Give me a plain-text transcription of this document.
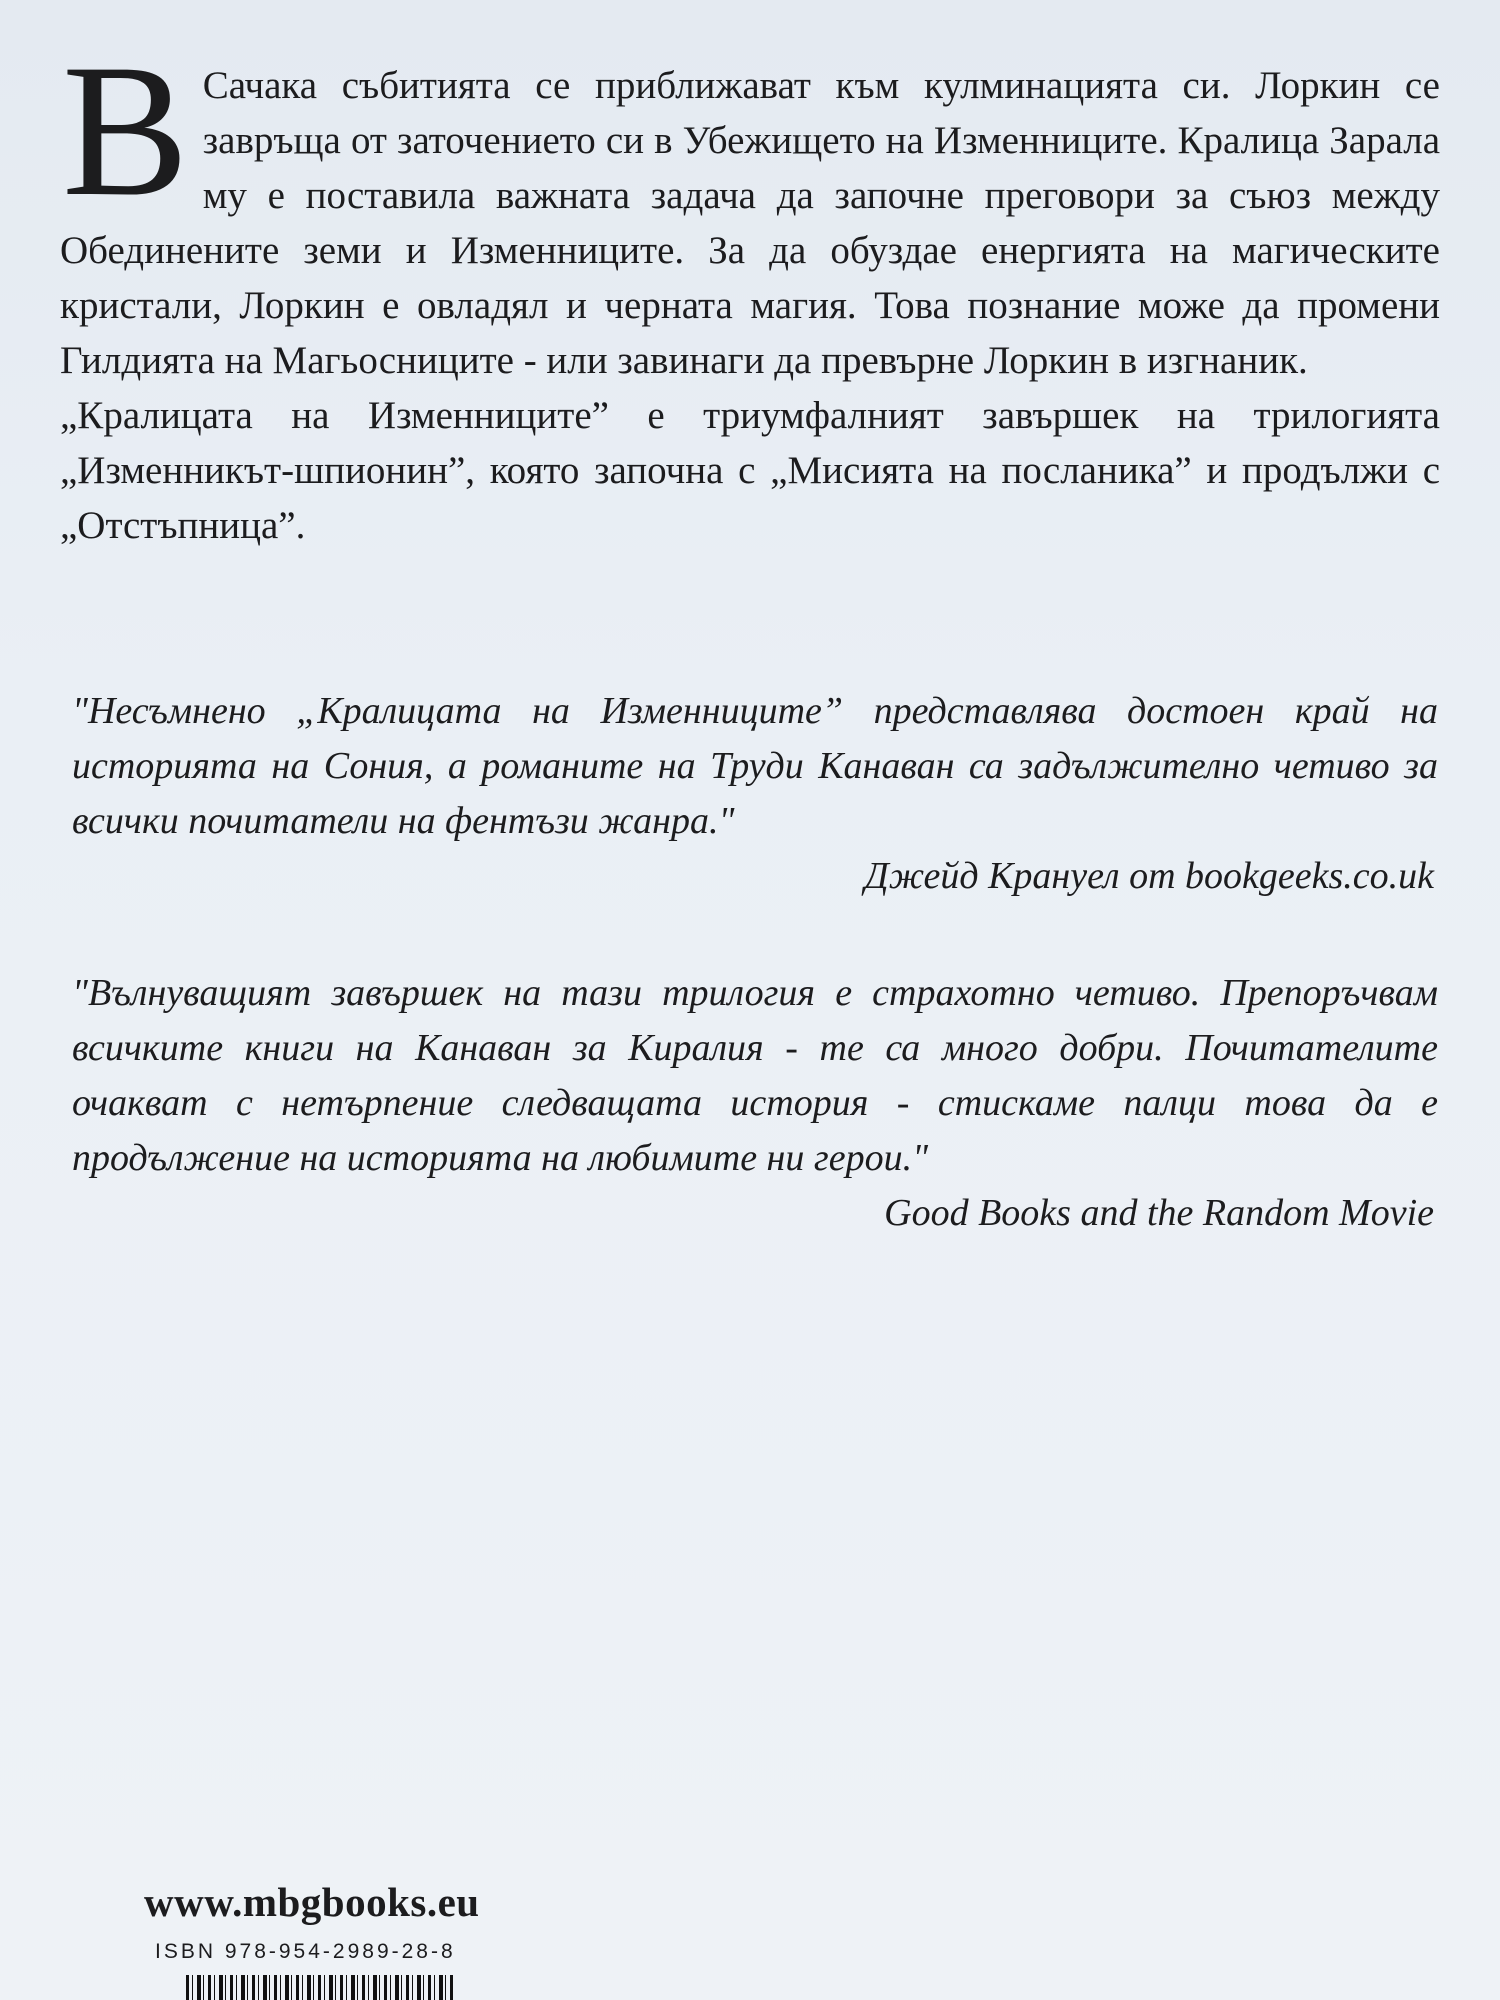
В Сачака събитията се приближават към кулминацията си. Лоркин се завръща от заточението си в Убежището на Изменниците. Кралица Зарала му е поставила важната задача да започне преговори за съюз между Обединените земи и Изменниците. За да обуздае енергията на магическите кристали, Лоркин е овладял и черната магия. Това познание може да промени Гилдията на Магьосниците - или завинаги да превърне Лоркин в изгнаник.

„Кралицата на Изменниците” е триумфалният завършек на трилогията „Изменникът-шпионин”, която започна с „Мисията на посланика” и продължи с „Отстъпница”.

"Несъмнено „Кралицата на Изменниците” представлява достоен край на историята на Сония, а романите на Труди Канаван са задължително четиво за всички почитатели на фентъзи жанра."

Джейд Крануел от bookgeeks.co.uk

"Вълнуващият завършек на тази трилогия е страхотно четиво. Препоръчвам всичките книги на Канаван за Киралия - те са много добри. Почитателите очакват с нетърпение следващата история - стискаме палци това да е продължение на историята на любимите ни герои."

Good Books and the Random Movie

www.mbgbooks.eu
ISBN 978-954-2989-28-8
